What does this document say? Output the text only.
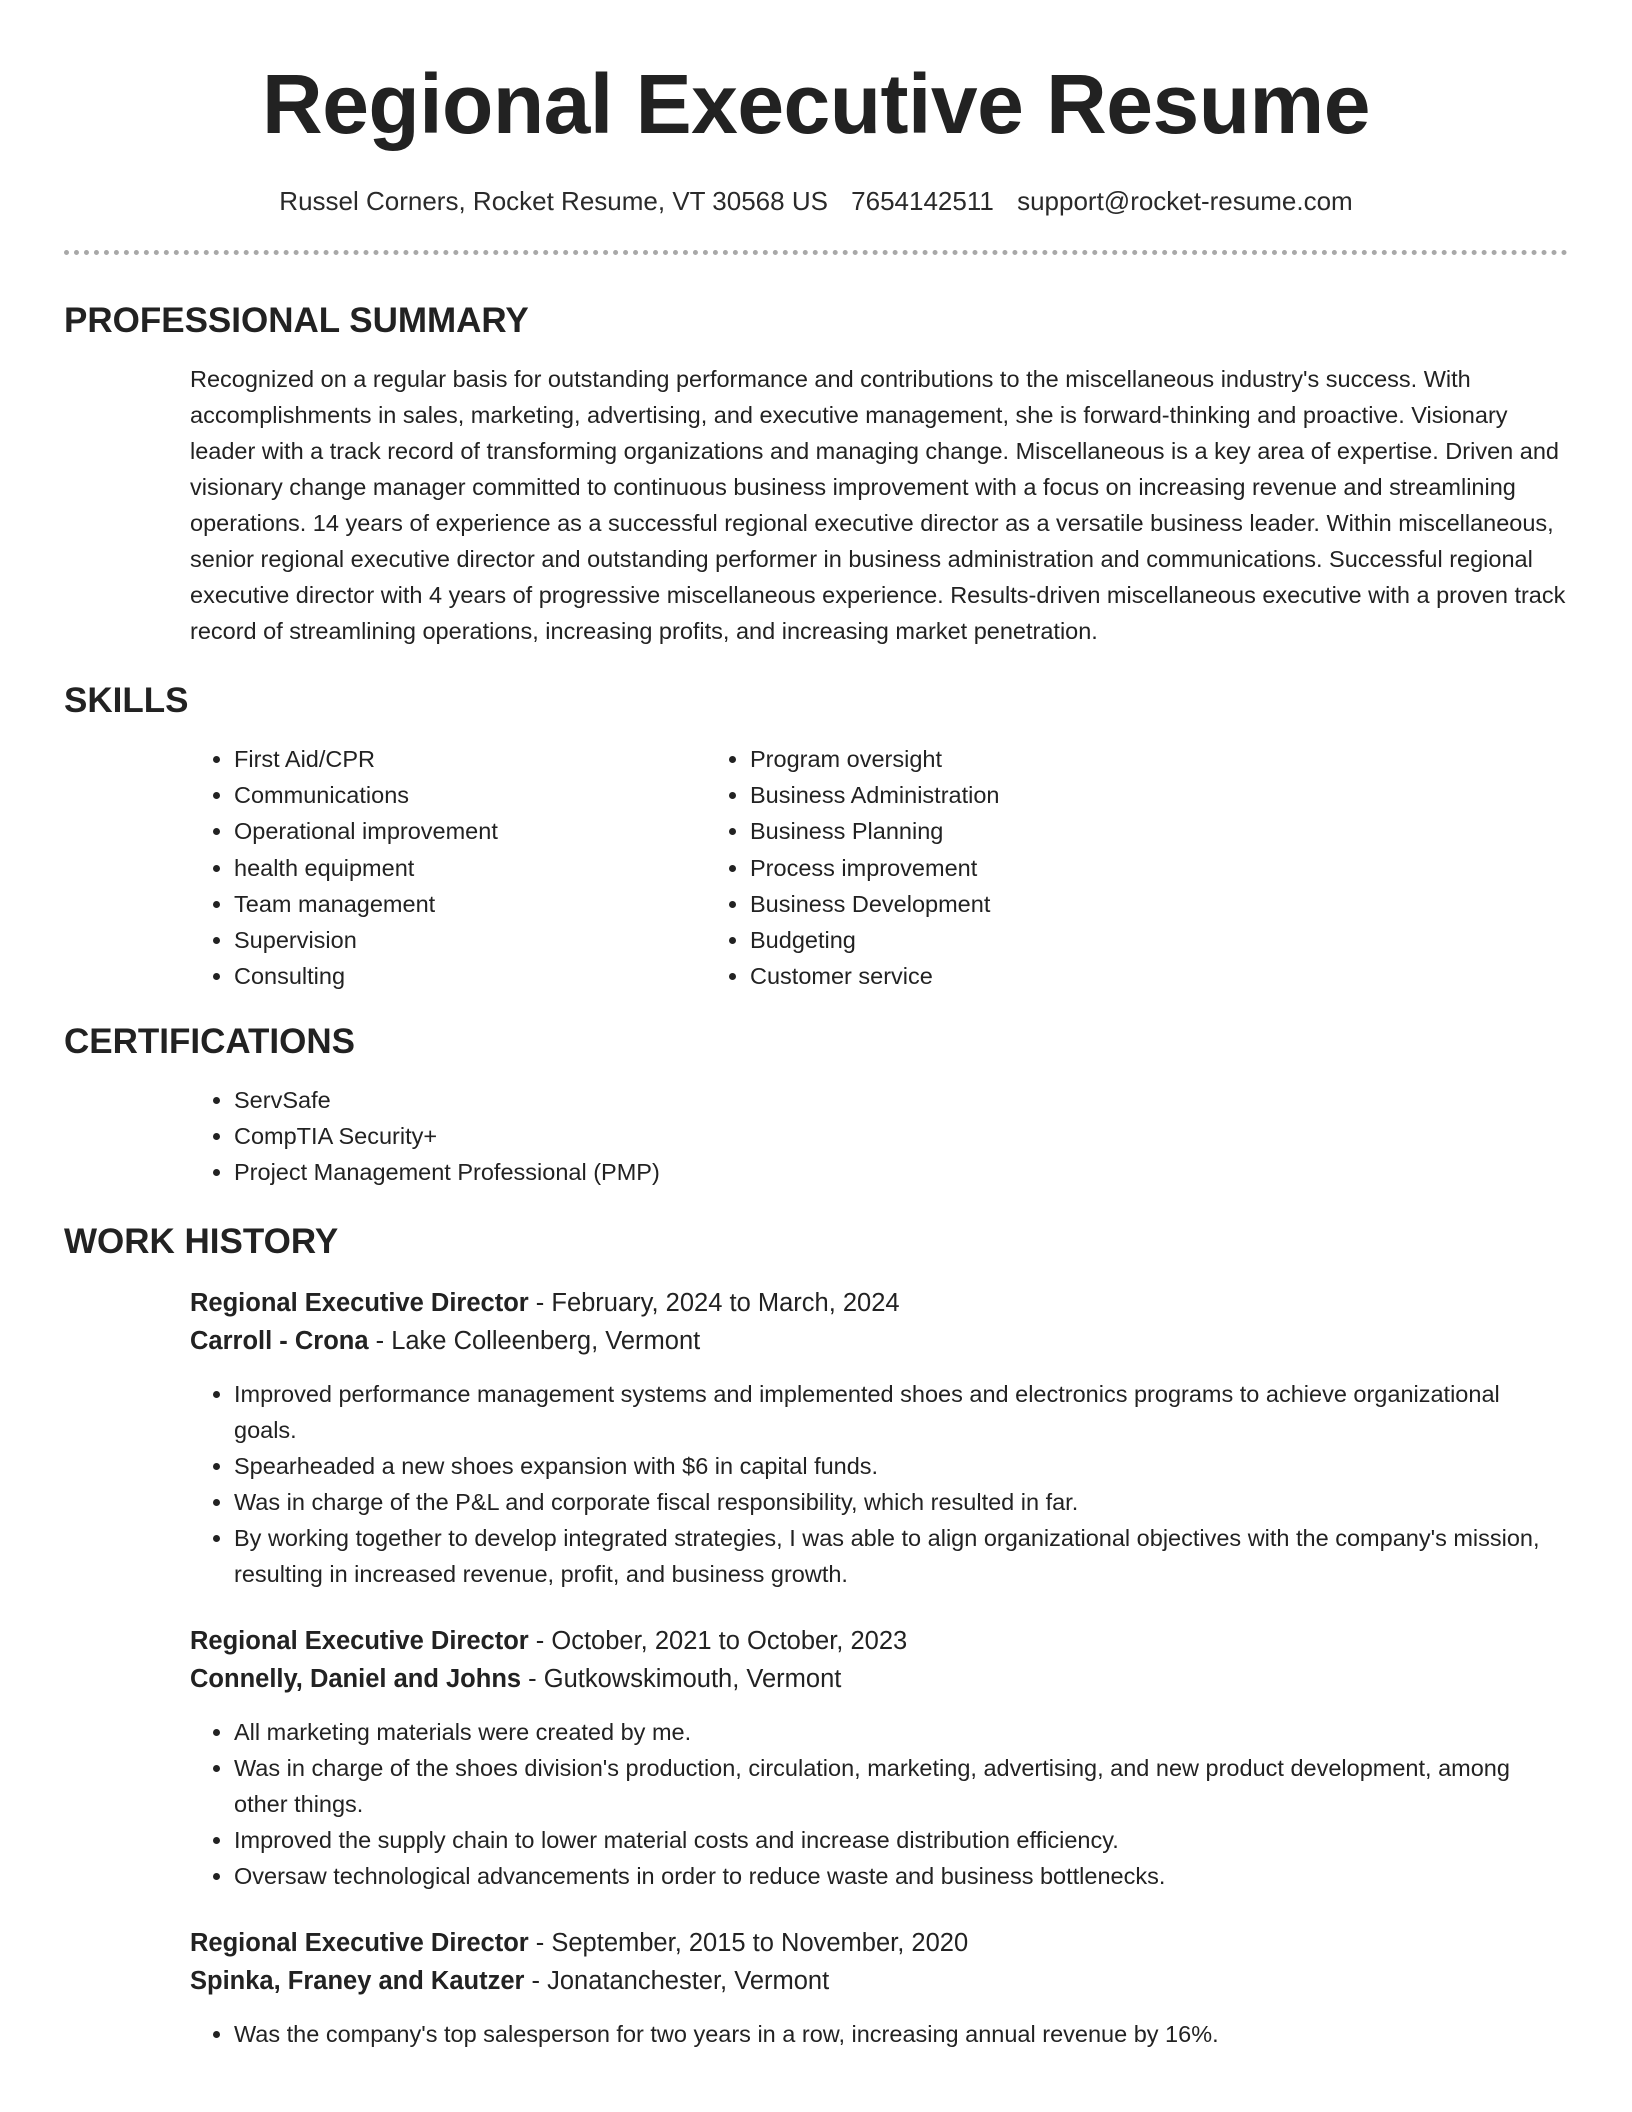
Regional Executive Resume
Russel Corners, Rocket Resume, VT 30568 US 7654142511 support@rocket-resume.com
PROFESSIONAL SUMMARY

Recognized on a regular basis for outstanding performance and contributions to the miscellaneous industry's success. With accomplishments in sales, marketing, advertising, and executive management, she is forward-thinking and proactive. Visionary leader with a track record of transforming organizations and managing change. Miscellaneous is a key area of expertise. Driven and visionary change manager committed to continuous business improvement with a focus on increasing revenue and streamlining operations. 14 years of experience as a successful regional executive director as a versatile business leader. Within miscellaneous, senior regional executive director and outstanding performer in business administration and communications. Successful regional executive director with 4 years of progressive miscellaneous experience. Results-driven miscellaneous executive with a proven track record of streamlining operations, increasing profits, and increasing market penetration.

SKILLS
• First Aid/CPR
• Communications
• Operational improvement
• health equipment
• Team management
• Supervision
• Consulting
• Program oversight
• Business Administration
• Business Planning
• Process improvement
• Business Development
• Budgeting
• Customer service
CERTIFICATIONS
• ServSafe
• CompTIA Security+
• Project Management Professional (PMP)
WORK HISTORY
Regional Executive Director - February, 2024 to March, 2024
Carroll - Crona - Lake Colleenberg, Vermont
• Improved performance management systems and implemented shoes and electronics programs to achieve organizational goals.
• Spearheaded a new shoes expansion with $6 in capital funds.
• Was in charge of the P&L and corporate fiscal responsibility, which resulted in far.
• By working together to develop integrated strategies, I was able to align organizational objectives with the company's mission, resulting in increased revenue, profit, and business growth.
Regional Executive Director - October, 2021 to October, 2023
Connelly, Daniel and Johns - Gutkowskimouth, Vermont
• All marketing materials were created by me.
• Was in charge of the shoes division's production, circulation, marketing, advertising, and new product development, among other things.
• Improved the supply chain to lower material costs and increase distribution efficiency.
• Oversaw technological advancements in order to reduce waste and business bottlenecks.
Regional Executive Director - September, 2015 to November, 2020
Spinka, Franey and Kautzer - Jonatanchester, Vermont
• Was the company's top salesperson for two years in a row, increasing annual revenue by 16%.
